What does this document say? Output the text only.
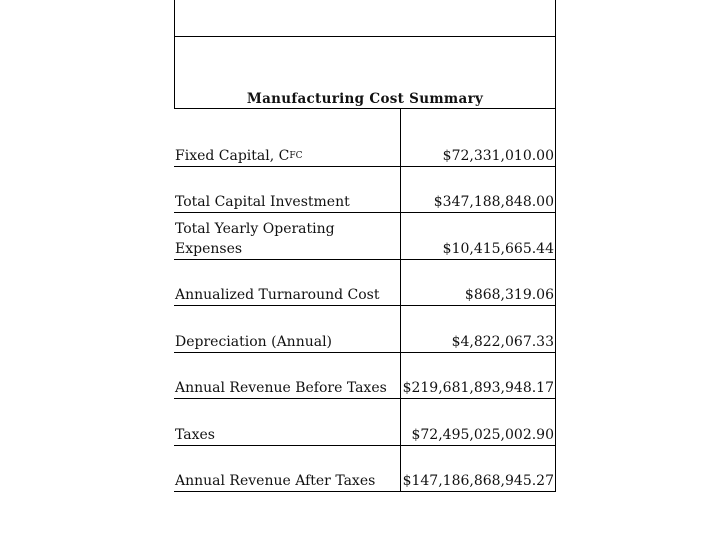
Manufacturing Cost Summary
Fixed Capital, C FC	$72,331,010.00
Total Capital Investment	$347,188,848.00
Total Yearly Operating Expenses	$10,415,665.44
Annualized Turnaround Cost	$868,319.06
Depreciation (Annual)	$4,822,067.33
Annual Revenue Before Taxes	$219,681,893,948.17
Taxes	$72,495,025,002.90
Annual Revenue After Taxes	$147,186,868,945.27
